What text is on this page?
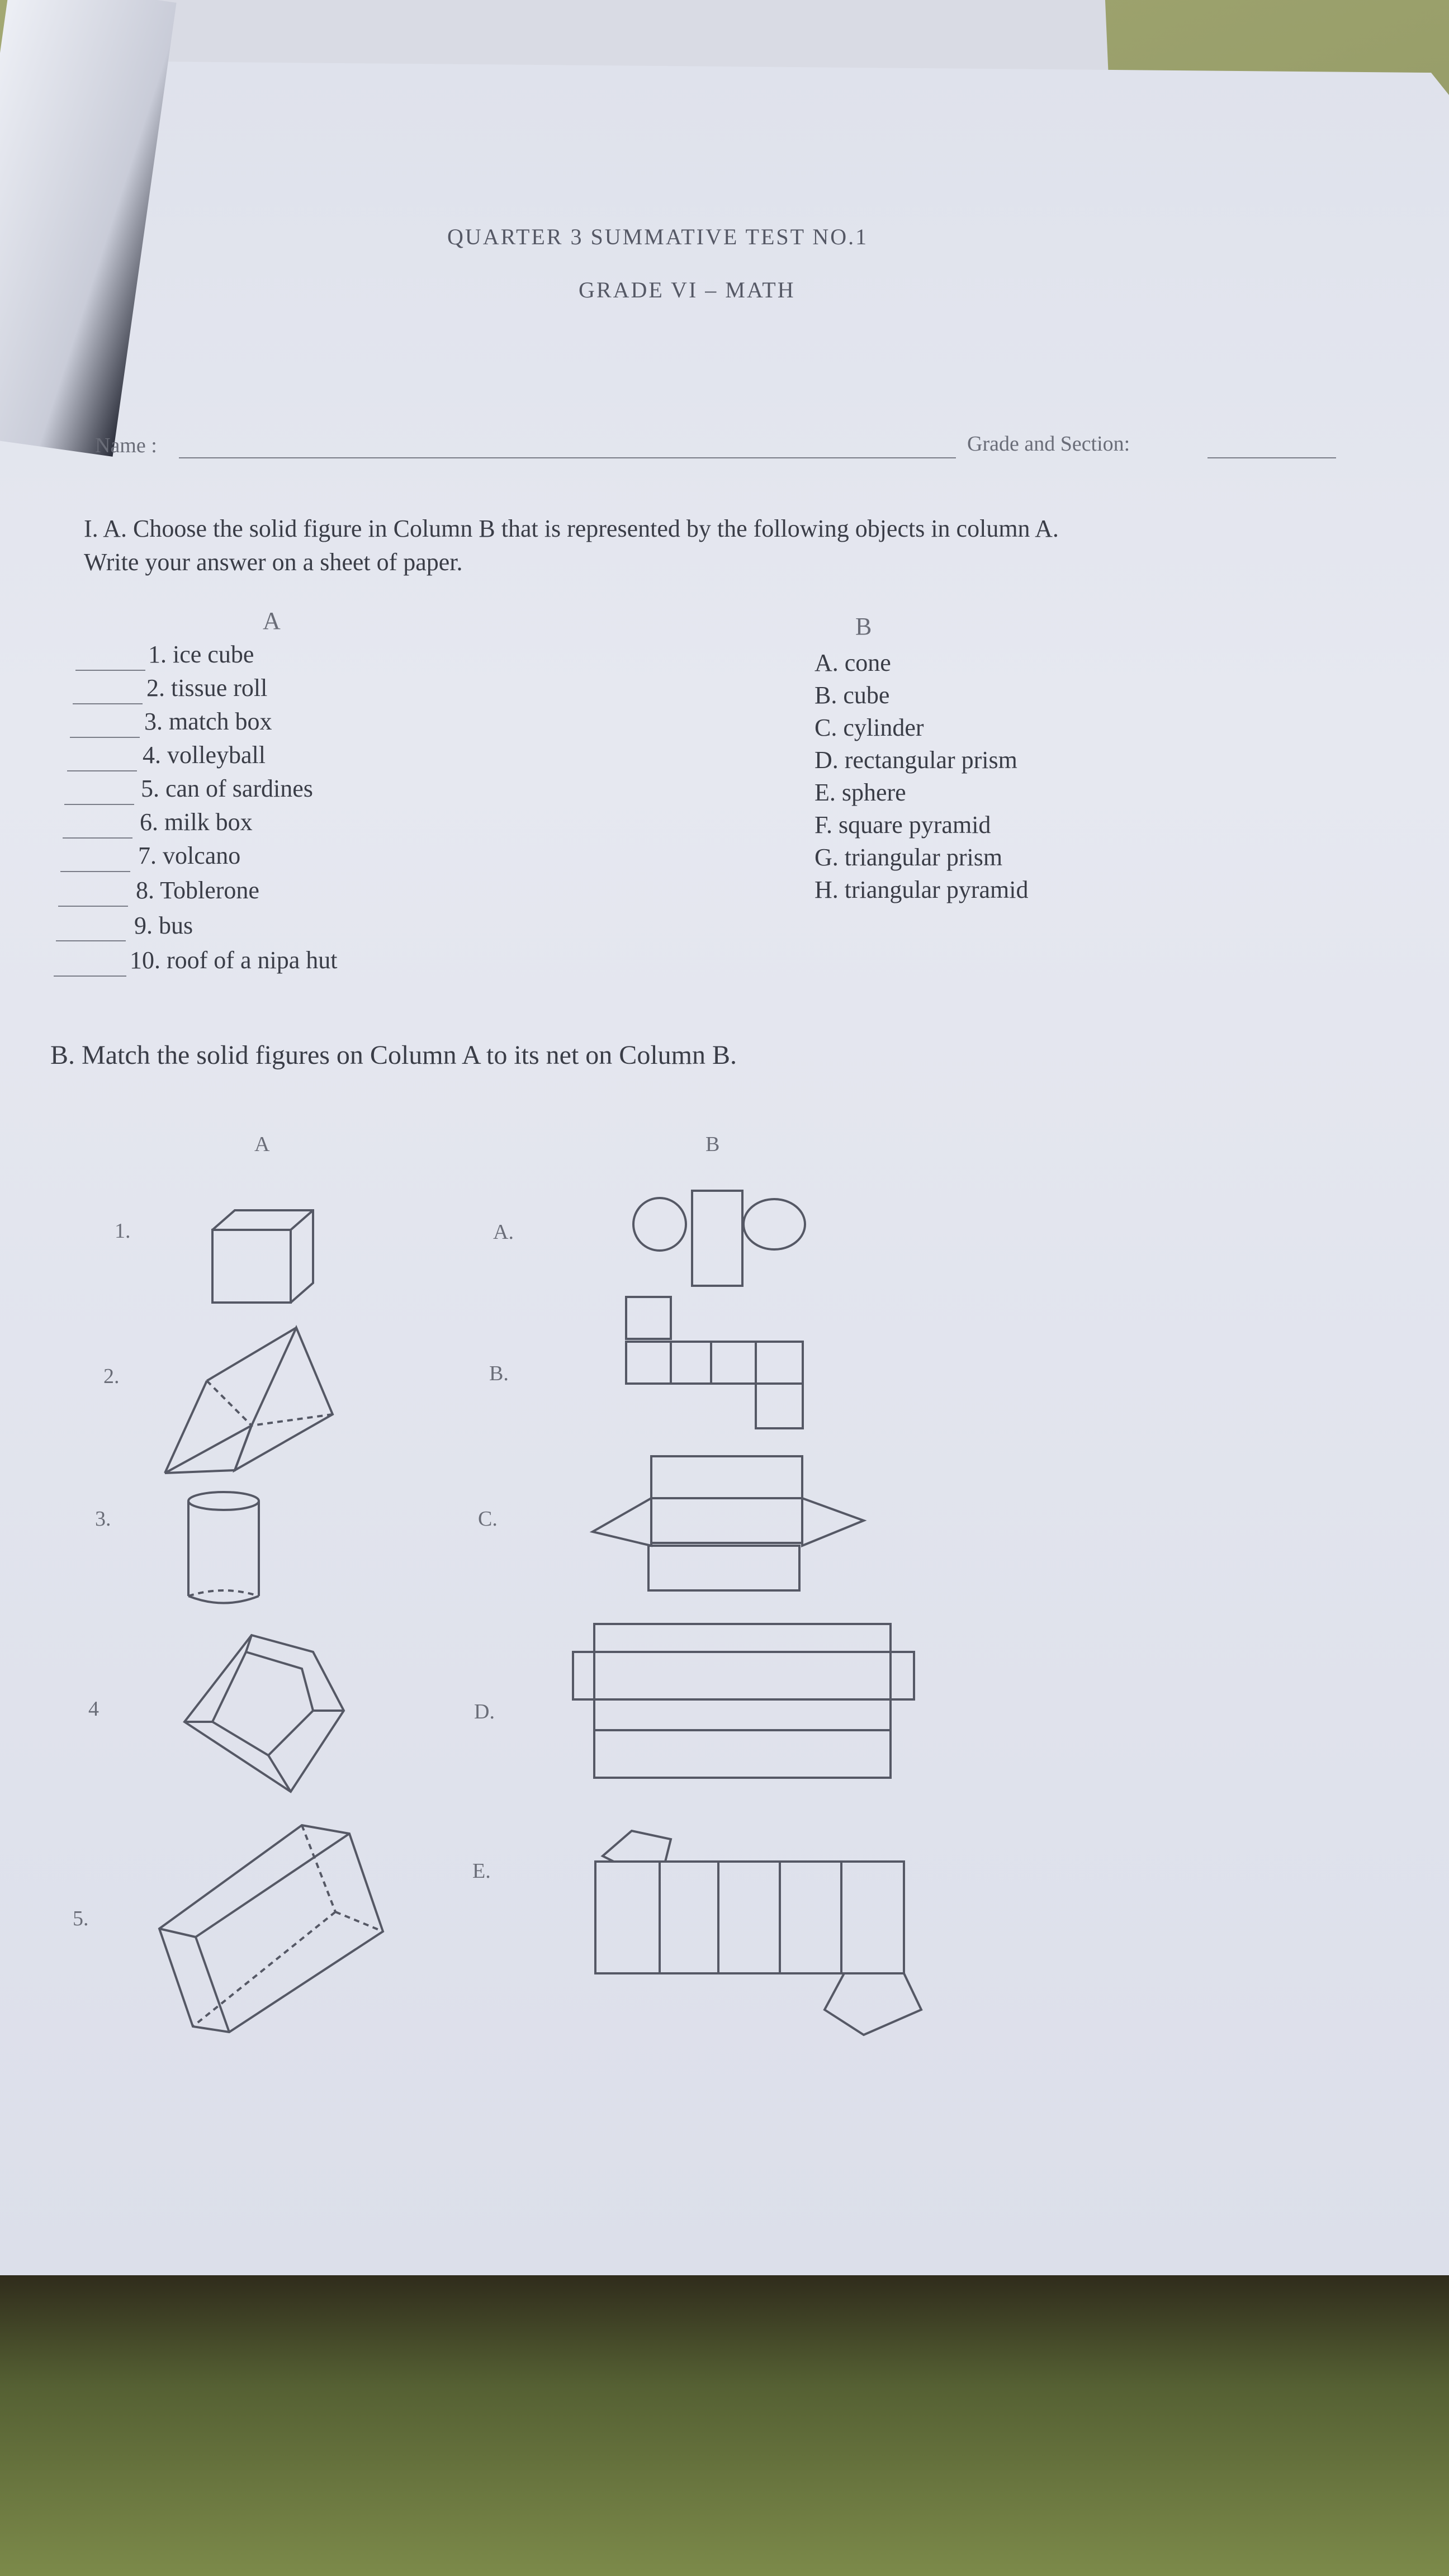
QUARTER 3 SUMMATIVE TEST NO.1
GRADE VI – MATH
Name :	Grade and Section:
I. A. Choose the solid figure in Column B that is represented by the following objects in column A.
Write your answer on a sheet of paper.
A	B
1. ice cube
2. tissue roll
3. match box
4. volleyball
5. can of sardines
6. milk box
7. volcano
8. Toblerone
9. bus
10. roof of a nipa hut
A. cone
B. cube
C. cylinder
D. rectangular prism
E. sphere
F. square pyramid
G. triangular prism
H. triangular pyramid
B. Match the solid figures on Column A to its net on Column B.
A	B
1.
2.
3.
4
5.
A.
B.
C.
D.
E.
